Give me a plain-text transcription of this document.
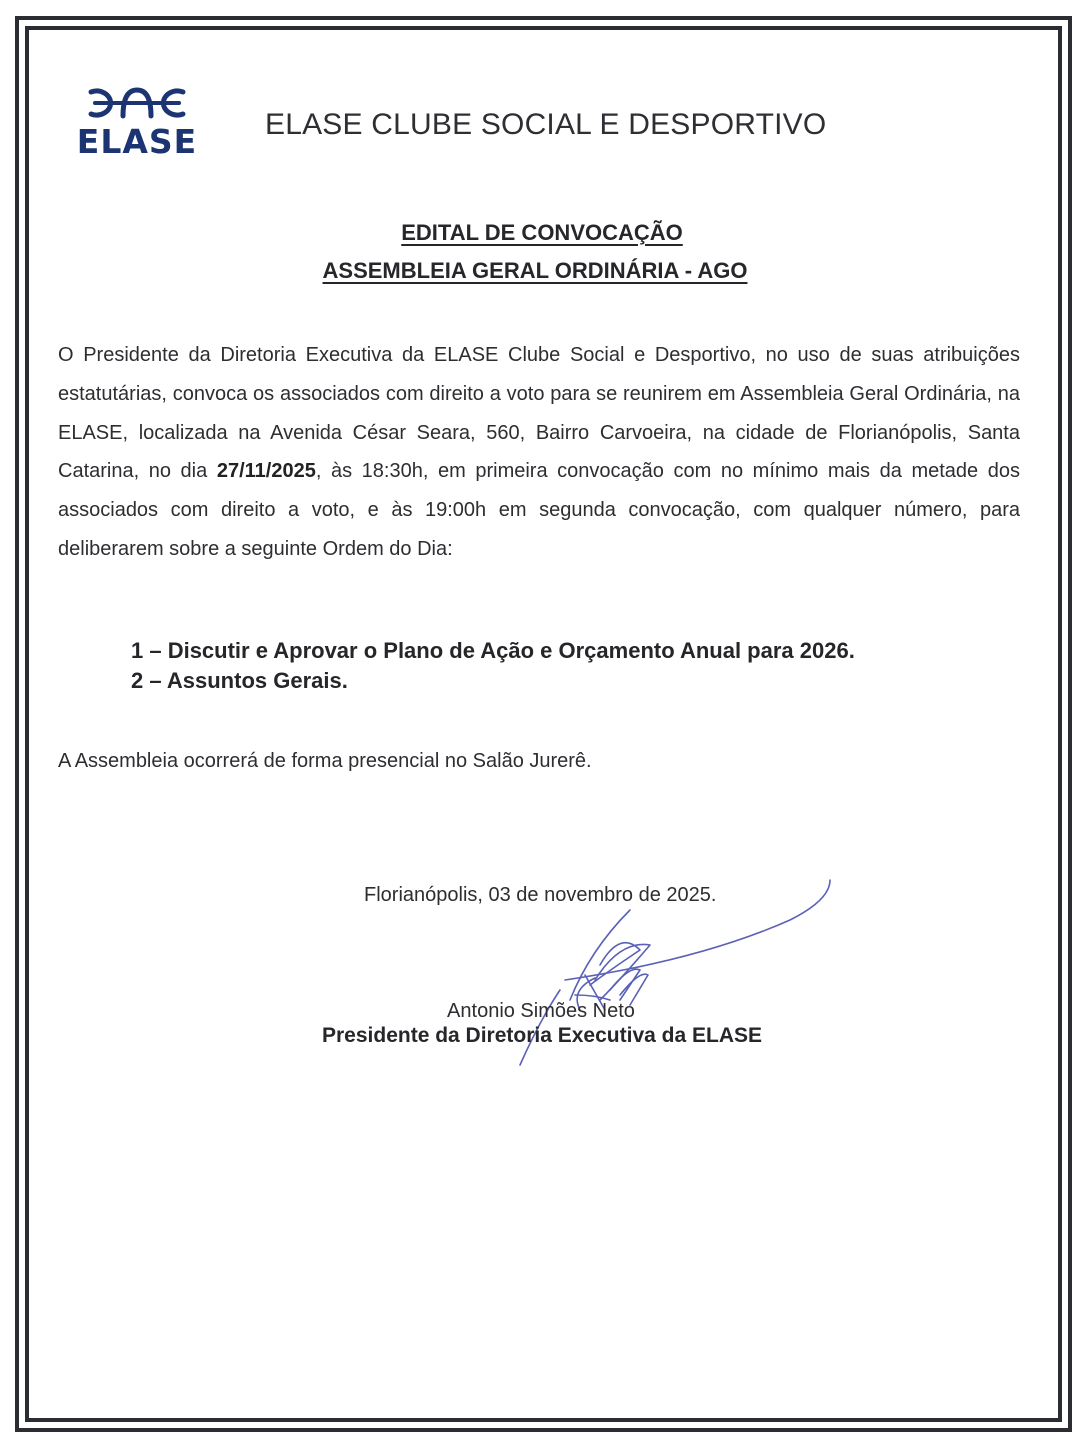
ELASE ELASE CLUBE SOCIAL E DESPORTIVO
EDITAL DE CONVOCAÇÃO
ASSEMBLEIA GERAL ORDINÁRIA - AGO
O Presidente da Diretoria Executiva da ELASE Clube Social e Desportivo, no uso de suas atribuições estatutárias, convoca os associados com direito a voto para se reunirem em Assembleia Geral Ordinária, na ELASE, localizada na Avenida César Seara, 560, Bairro Carvoeira, na cidade de Florianópolis, Santa Catarina, no dia 27/11/2025, às 18:30h, em primeira convocação com no mínimo mais da metade dos associados com direito a voto, e às 19:00h em segunda convocação, com qualquer número, para deliberarem sobre a seguinte Ordem do Dia:
1 – Discutir e Aprovar o Plano de Ação e Orçamento Anual para 2026.
2 – Assuntos Gerais.
A Assembleia ocorrerá de forma presencial no Salão Jurerê.
Florianópolis, 03 de novembro de 2025.
Antonio Simões Neto
Presidente da Diretoria Executiva da ELASE
